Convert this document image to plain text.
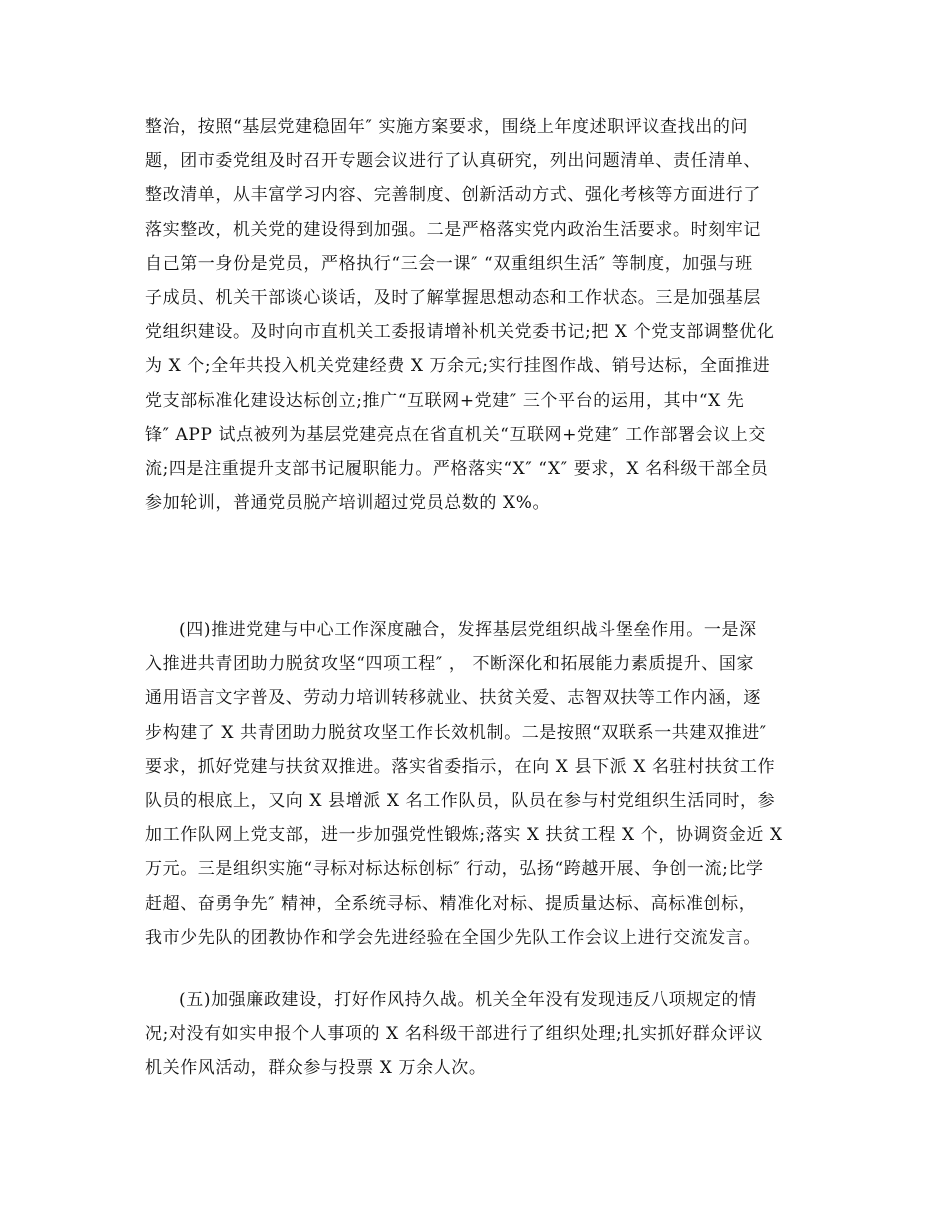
整治，按照“基层党建稳固年″ 实施方案要求，围绕上年度述职评议查找出的问
题，团市委党组及时召开专题会议进行了认真研究，列出问题清单、责任清单、
整改清单，从丰富学习内容、完善制度、创新活动方式、强化考核等方面进行了
落实整改，机关党的建设得到加强。二是严格落实党内政治生活要求。时刻牢记
自己第一身份是党员，严格执行“三会一课″ “双重组织生活″ 等制度，加强与班
子成员、机关干部谈心谈话，及时了解掌握思想动态和工作状态。三是加强基层
党组织建设。及时向市直机关工委报请增补机关党委书记;把 X 个党支部调整优化
为 X 个;全年共投入机关党建经费 X 万余元;实行挂图作战、销号达标，全面推进
党支部标准化建设达标创立;推广“互联网+党建″ 三个平台的运用，其中“X 先
锋″ APP 试点被列为基层党建亮点在省直机关“互联网+党建″ 工作部署会议上交
流;四是注重提升支部书记履职能力。严格落实“X″ “X″ 要求，X 名科级干部全员
参加轮训，普通党员脱产培训超过党员总数的 X%。
(四)推进党建与中心工作深度融合，发挥基层党组织战斗堡垒作用。一是深
入推进共青团助力脱贫攻坚“四项工程″ ， 不断深化和拓展能力素质提升、国家
通用语言文字普及、劳动力培训转移就业、扶贫关爱、志智双扶等工作内涵，逐
步构建了 X 共青团助力脱贫攻坚工作长效机制。二是按照“双联系一共建双推进″
要求，抓好党建与扶贫双推进。落实省委指示，在向 X 县下派 X 名驻村扶贫工作
队员的根底上，又向 X 县增派 X 名工作队员，队员在参与村党组织生活同时，参
加工作队网上党支部，进一步加强党性锻炼;落实 X 扶贫工程 X 个，协调资金近 X
万元。三是组织实施“寻标对标达标创标″ 行动，弘扬“跨越开展、争创一流;比学
赶超、奋勇争先″ 精神，全系统寻标、精准化对标、提质量达标、高标准创标，
我市少先队的团教协作和学会先进经验在全国少先队工作会议上进行交流发言。
(五)加强廉政建设，打好作风持久战。机关全年没有发现违反八项规定的情
况;对没有如实申报个人事项的 X 名科级干部进行了组织处理;扎实抓好群众评议
机关作风活动，群众参与投票 X 万余人次。
